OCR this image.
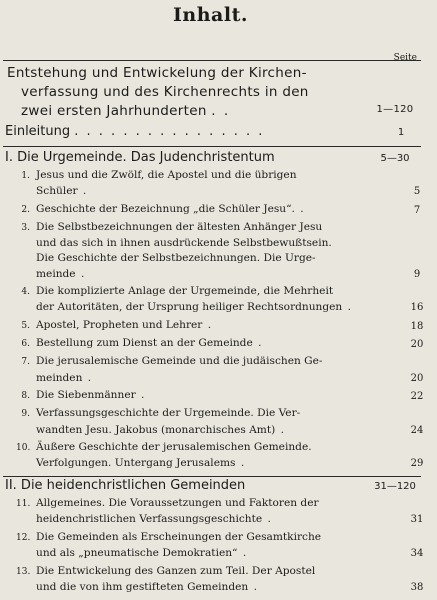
Inhalt.
Seite
Entstehung und Entwickelung der Kirchen-
verfassung und des Kirchenrechts in den
zwei ersten Jahrhunderten . .	1—120
Einleitung . . . . . . . . . . . . . . . .	1
I. Die Urgemeinde. Das Judenchristentum	5—30
1. Jesus und die Zwölf, die Apostel und die übrigen
Schüler .	5
2. Geschichte der Bezeichnung „die Schüler Jesu“. .	7
3. Die Selbstbezeichnungen der ältesten Anhänger Jesu
und das sich in ihnen ausdrückende Selbstbewußtsein.
Die Geschichte der Selbstbezeichnungen. Die Urge-
meinde .	9
4. Die komplizierte Anlage der Urgemeinde, die Mehrheit
der Autoritäten, der Ursprung heiliger Rechtsordnungen .	16
5. Apostel, Propheten und Lehrer .	18
6. Bestellung zum Dienst an der Gemeinde .	20
7. Die jerusalemische Gemeinde und die judäischen Ge-
meinden .	20
8. Die Siebenmänner .	22
9. Verfassungsgeschichte der Urgemeinde. Die Ver-
wandten Jesu. Jakobus (monarchisches Amt) .	24
10. Äußere Geschichte der jerusalemischen Gemeinde.
Verfolgungen. Untergang Jerusalems .	29
II. Die heidenchristlichen Gemeinden	31—120
11. Allgemeines. Die Voraussetzungen und Faktoren der
heidenchristlichen Verfassungsgeschichte .	31
12. Die Gemeinden als Erscheinungen der Gesamtkirche
und als „pneumatische Demokratien“ .	34
13. Die Entwickelung des Ganzen zum Teil. Der Apostel
und die von ihm gestifteten Gemeinden .	38
